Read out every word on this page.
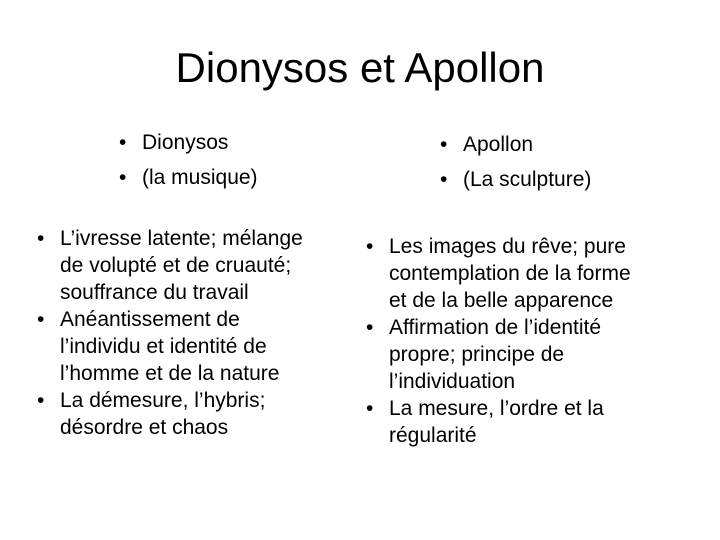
Dionysos et Apollon
• Dionysos
• (la musique)
• Apollon
• (La sculpture)
• L’ivresse latente; mélange
de volupté et de cruauté;
souffrance du travail
• Anéantissement de
l’individu et identité de
l’homme et de la nature
• La démesure, l’hybris;
désordre et chaos
• Les images du rêve; pure
contemplation de la forme
et de la belle apparence
• Affirmation de l’identité
propre; principe de
l’individuation
• La mesure, l’ordre et la
régularité
